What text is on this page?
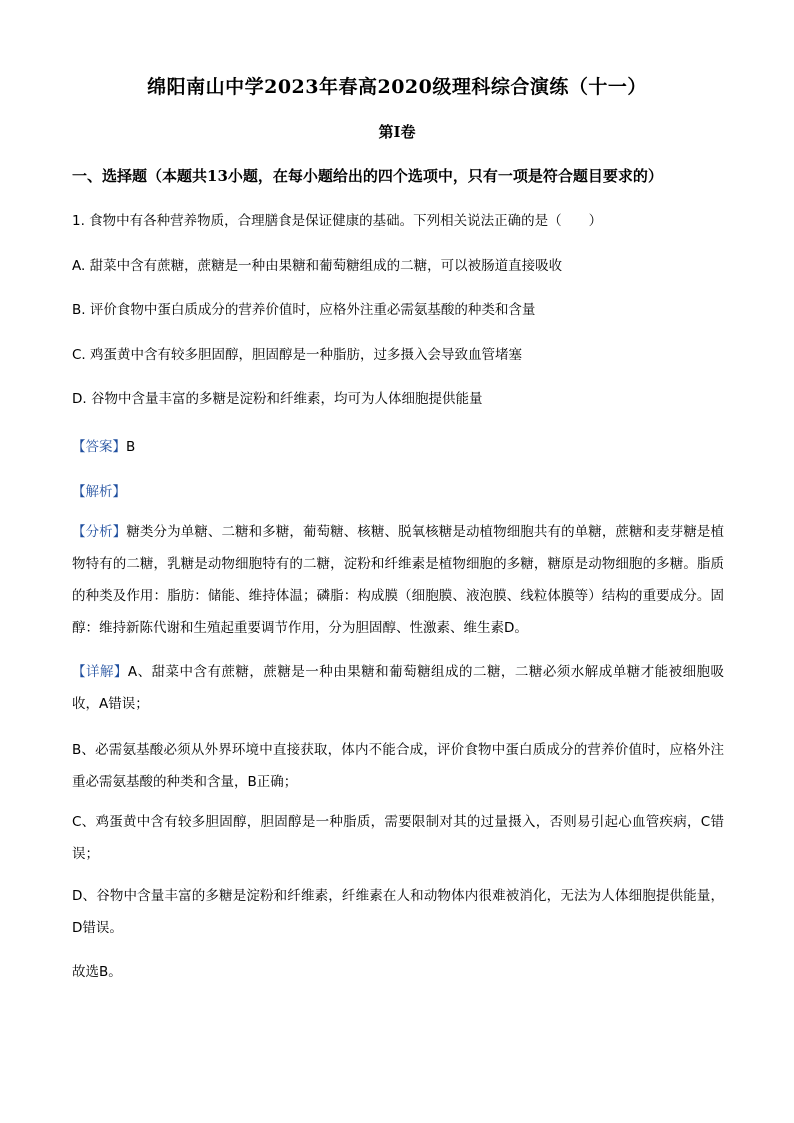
绵阳南山中学2023年春高2020级理科综合演练（十一）
第I卷
一、选择题（本题共13小题，在每小题给出的四个选项中，只有一项是符合题目要求的）
1. 食物中有各种营养物质，合理膳食是保证健康的基础。下列相关说法正确的是（　　）
A. 甜菜中含有蔗糖，蔗糖是一种由果糖和葡萄糖组成的二糖，可以被肠道直接吸收
B. 评价食物中蛋白质成分的营养价值时，应格外注重必需氨基酸的种类和含量
C. 鸡蛋黄中含有较多胆固醇，胆固醇是一种脂肪，过多摄入会导致血管堵塞
D. 谷物中含量丰富的多糖是淀粉和纤维素，均可为人体细胞提供能量
【答案】B
【解析】
【分析】糖类分为单糖、二糖和多糖，葡萄糖、核糖、脱氧核糖是动植物细胞共有的单糖，蔗糖和麦芽糖是植物特有的二糖，乳糖是动物细胞特有的二糖，淀粉和纤维素是植物细胞的多糖，糖原是动物细胞的多糖。脂质的种类及作用：脂肪：储能、维持体温；磷脂：构成膜（细胞膜、液泡膜、线粒体膜等）结构的重要成分。固醇：维持新陈代谢和生殖起重要调节作用，分为胆固醇、性激素、维生素D。
【详解】A、甜菜中含有蔗糖，蔗糖是一种由果糖和葡萄糖组成的二糖，二糖必须水解成单糖才能被细胞吸收，A错误；
B、必需氨基酸必须从外界环境中直接获取，体内不能合成，评价食物中蛋白质成分的营养价值时，应格外注重必需氨基酸的种类和含量，B正确；
C、鸡蛋黄中含有较多胆固醇，胆固醇是一种脂质，需要限制对其的过量摄入，否则易引起心血管疾病，C错误；
D、谷物中含量丰富的多糖是淀粉和纤维素，纤维素在人和动物体内很难被消化，无法为人体细胞提供能量，D错误。
故选B。
